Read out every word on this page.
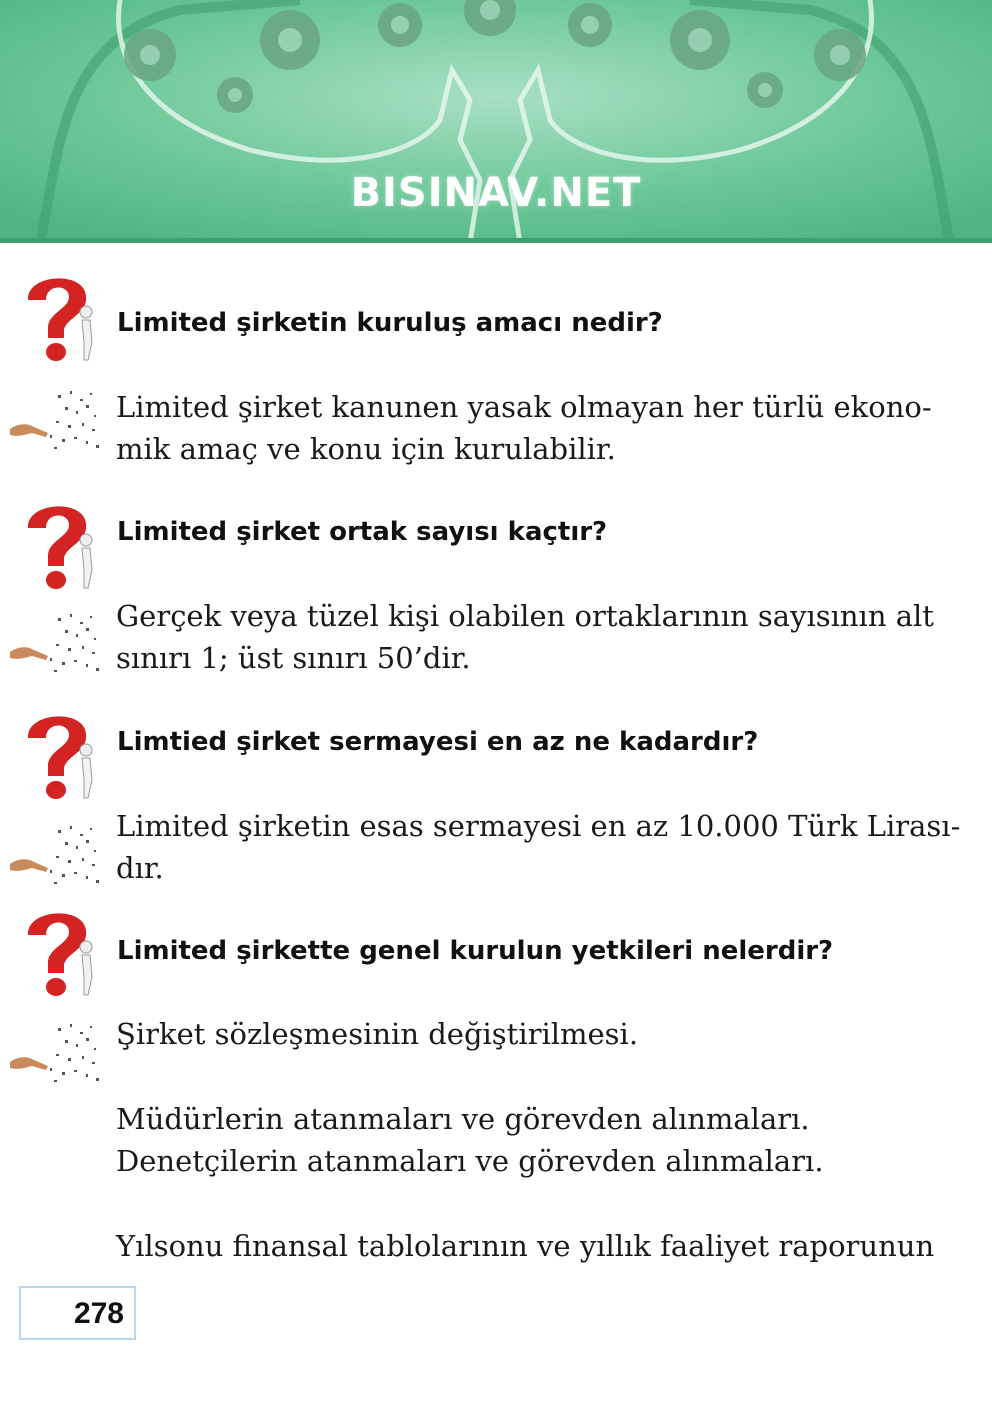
BISINAV.NET
Limited şirketin kuruluş amacı nedir?
Limited şirket kanunen yasak olmayan her türlü ekono-
mik amaç ve konu için kurulabilir.
Limited şirket ortak sayısı kaçtır?
Gerçek veya tüzel kişi olabilen ortaklarının sayısının alt
sınırı 1; üst sınırı 50’dir.
Limtied şirket sermayesi en az ne kadardır?
Limited şirketin esas sermayesi en az 10.000 Türk Lirası-
dır.
Limited şirkette genel kurulun yetkileri nelerdir?
Şirket sözleşmesinin değiştirilmesi.
Müdürlerin atanmaları ve görevden alınmaları.
Denetçilerin atanmaları ve görevden alınmaları.
Yılsonu finansal tablolarının ve yıllık faaliyet raporunun
278
